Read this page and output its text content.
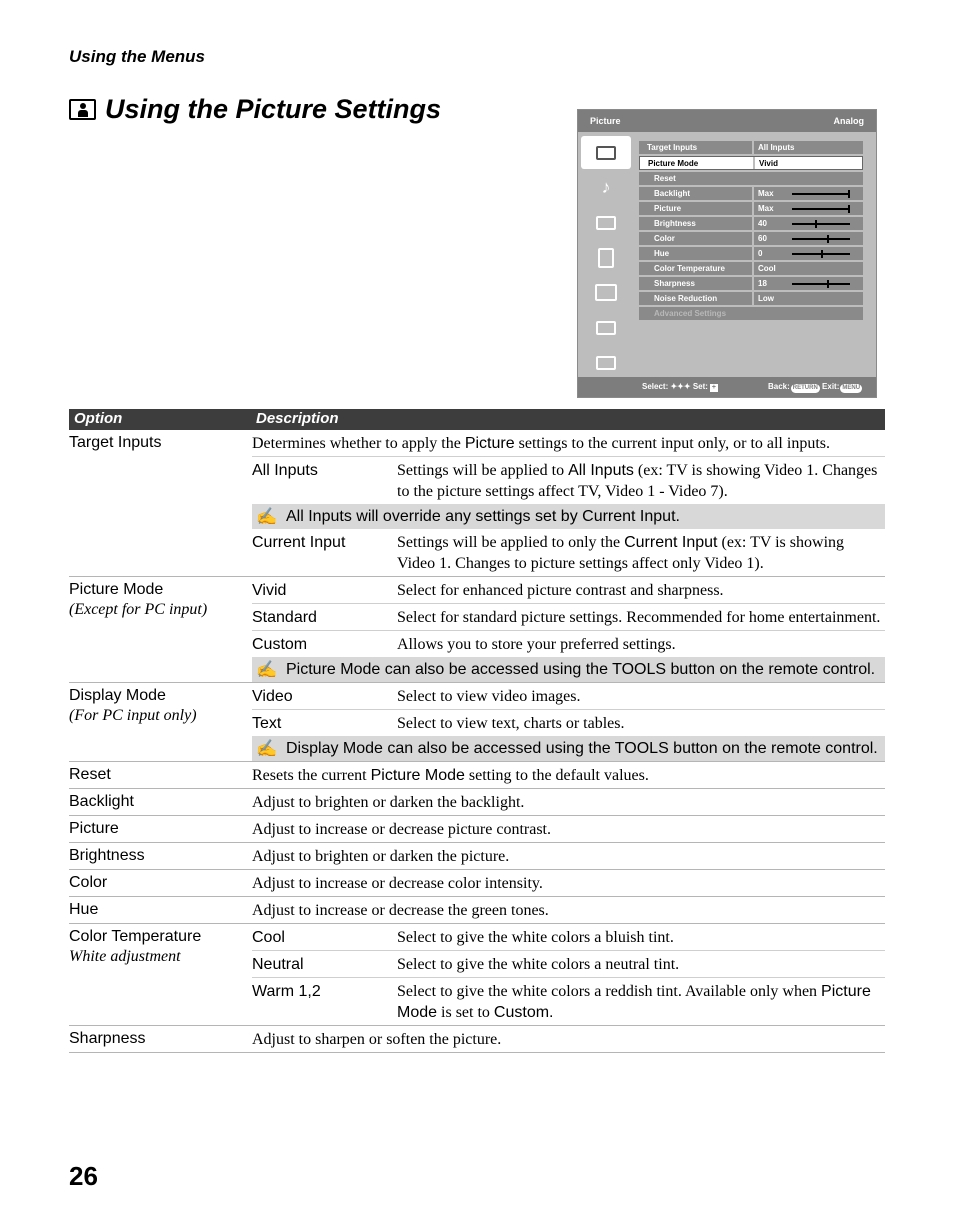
Using the Menus
Using the Picture Settings	Picture	Analog
♪
Target Inputs	All Inputs
Picture Mode	Vivid
Reset
Backlight	Max
Picture	Max
Brightness	40
Color	60
Hue	0
Color Temperature	Cool
Sharpness	18
Noise Reduction	Low
Advanced Settings
Select: ✦✦✦ Set: +	Back: RETURN Exit: MENU
Option	Description
Target Inputs	Determines whether to apply the Picture settings to the current input only, or to all inputs.
All Inputs	Settings will be applied to All Inputs (ex: TV is showing Video 1. Changes to the picture settings affect TV, Video 1 - Video 7).
✍ All Inputs will override any settings set by Current Input.
Current Input	Settings will be applied to only the Current Input (ex: TV is showing Video 1. Changes to picture settings affect only Video 1).
Picture Mode
(Except for PC input)
Vivid	Select for enhanced picture contrast and sharpness.
Standard	Select for standard picture settings. Recommended for home entertainment.
Custom	Allows you to store your preferred settings.
✍ Picture Mode can also be accessed using the TOOLS button on the remote control.
Display Mode
(For PC input only)
Video	Select to view video images.
Text	Select to view text, charts or tables.
✍ Display Mode can also be accessed using the TOOLS button on the remote control.
Reset	Resets the current Picture Mode setting to the default values.
Backlight	Adjust to brighten or darken the backlight.
Picture	Adjust to increase or decrease picture contrast.
Brightness	Adjust to brighten or darken the picture.
Color	Adjust to increase or decrease color intensity.
Hue	Adjust to increase or decrease the green tones.
Color Temperature
White adjustment
Cool	Select to give the white colors a bluish tint.
Neutral	Select to give the white colors a neutral tint.
Warm 1,2	Select to give the white colors a reddish tint. Available only when Picture Mode is set to Custom.
Sharpness	Adjust to sharpen or soften the picture.
26
